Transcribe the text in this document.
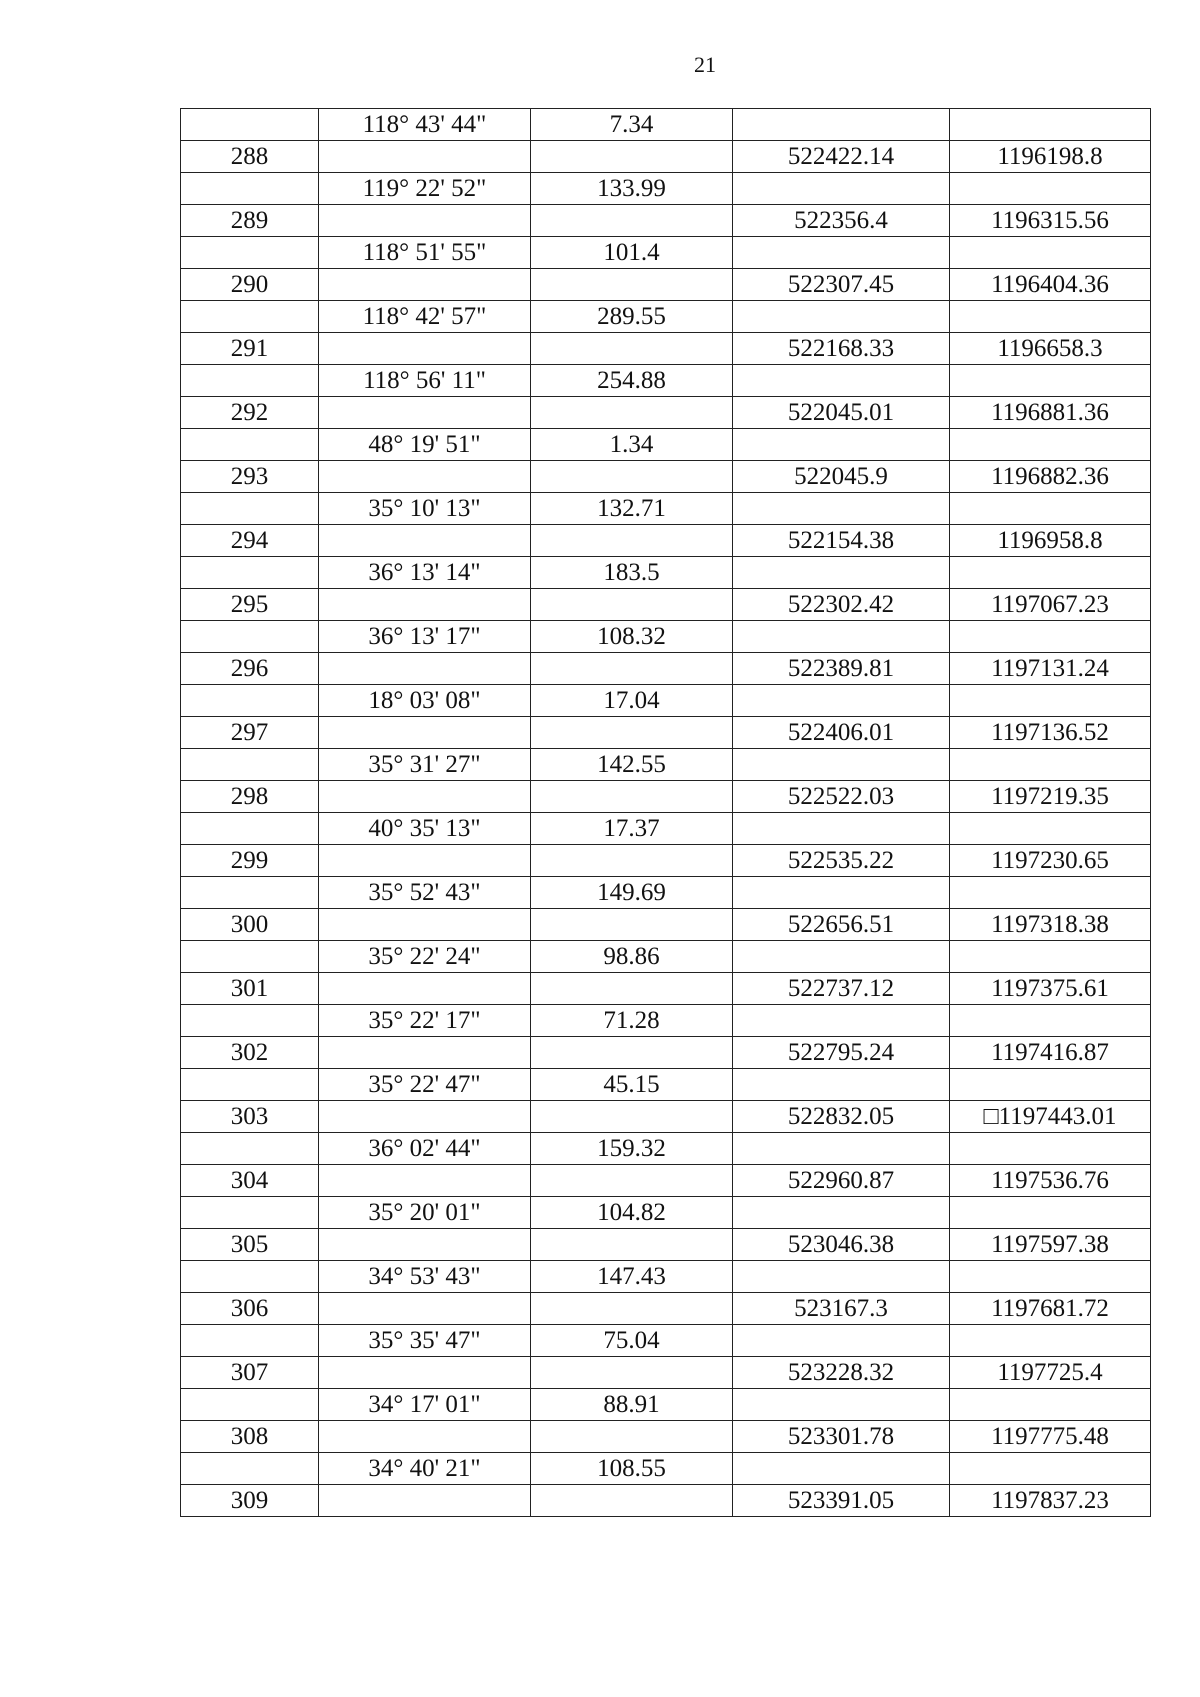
21
	118° 43' 44"	7.34		
288			522422.14	1196198.8
	119° 22' 52"	133.99		
289			522356.4	1196315.56
	118° 51' 55"	101.4		
290			522307.45	1196404.36
	118° 42' 57"	289.55		
291			522168.33	1196658.3
	118° 56' 11"	254.88		
292			522045.01	1196881.36
	48° 19' 51"	1.34		
293			522045.9	1196882.36
	35° 10' 13"	132.71		
294			522154.38	1196958.8
	36° 13' 14"	183.5		
295			522302.42	1197067.23
	36° 13' 17"	108.32		
296			522389.81	1197131.24
	18° 03' 08"	17.04		
297			522406.01	1197136.52
	35° 31' 27"	142.55		
298			522522.03	1197219.35
	40° 35' 13"	17.37		
299			522535.22	1197230.65
	35° 52' 43"	149.69		
300			522656.51	1197318.38
	35° 22' 24"	98.86		
301			522737.12	1197375.61
	35° 22' 17"	71.28		
302			522795.24	1197416.87
	35° 22' 47"	45.15		
303			522832.05	□1197443.01
	36° 02' 44"	159.32		
304			522960.87	1197536.76
	35° 20' 01"	104.82		
305			523046.38	1197597.38
	34° 53' 43"	147.43		
306			523167.3	1197681.72
	35° 35' 47"	75.04		
307			523228.32	1197725.4
	34° 17' 01"	88.91		
308			523301.78	1197775.48
	34° 40' 21"	108.55		
309			523391.05	1197837.23
